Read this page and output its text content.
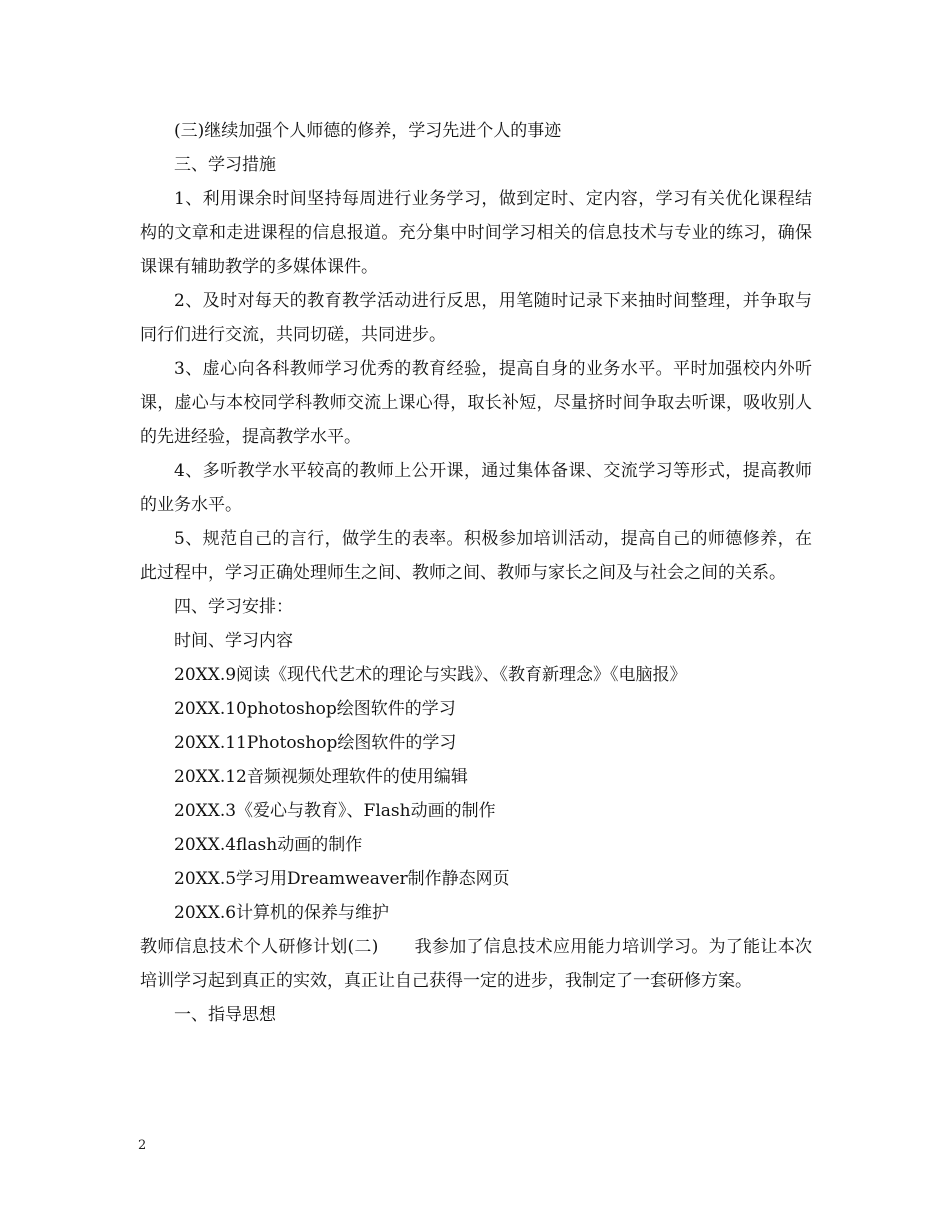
(三)继续加强个人师德的修养，学习先进个人的事迹

三、学习措施

1、利用课余时间坚持每周进行业务学习，做到定时、定内容，学习有关优化课程结构的文章和走进课程的信息报道。充分集中时间学习相关的信息技术与专业的练习，确保课课有辅助教学的多媒体课件。

2、及时对每天的教育教学活动进行反思，用笔随时记录下来抽时间整理，并争取与同行们进行交流，共同切磋，共同进步。

3、虚心向各科教师学习优秀的教育经验，提高自身的业务水平。平时加强校内外听课，虚心与本校同学科教师交流上课心得，取长补短，尽量挤时间争取去听课，吸收别人的先进经验，提高教学水平。

4、多听教学水平较高的教师上公开课，通过集体备课、交流学习等形式，提高教师的业务水平。

5、规范自己的言行，做学生的表率。积极参加培训活动，提高自己的师德修养，在此过程中，学习正确处理师生之间、教师之间、教师与家长之间及与社会之间的关系。

四、学习安排：

时间、学习内容

20XX.9阅读《现代代艺术的理论与实践》、《教育新理念》《电脑报》

20XX.10photoshop绘图软件的学习

20XX.11Photoshop绘图软件的学习

20XX.12音频视频处理软件的使用编辑

20XX.3《爱心与教育》、Flash动画的制作

20XX.4flash动画的制作

20XX.5学习用Dreamweaver制作静态网页

20XX.6计算机的保养与维护

教师信息技术个人研修计划(二) 我参加了信息技术应用能力培训学习。为了能让本次培训学习起到真正的实效，真正让自己获得一定的进步，我制定了一套研修方案。

一、指导思想

2
